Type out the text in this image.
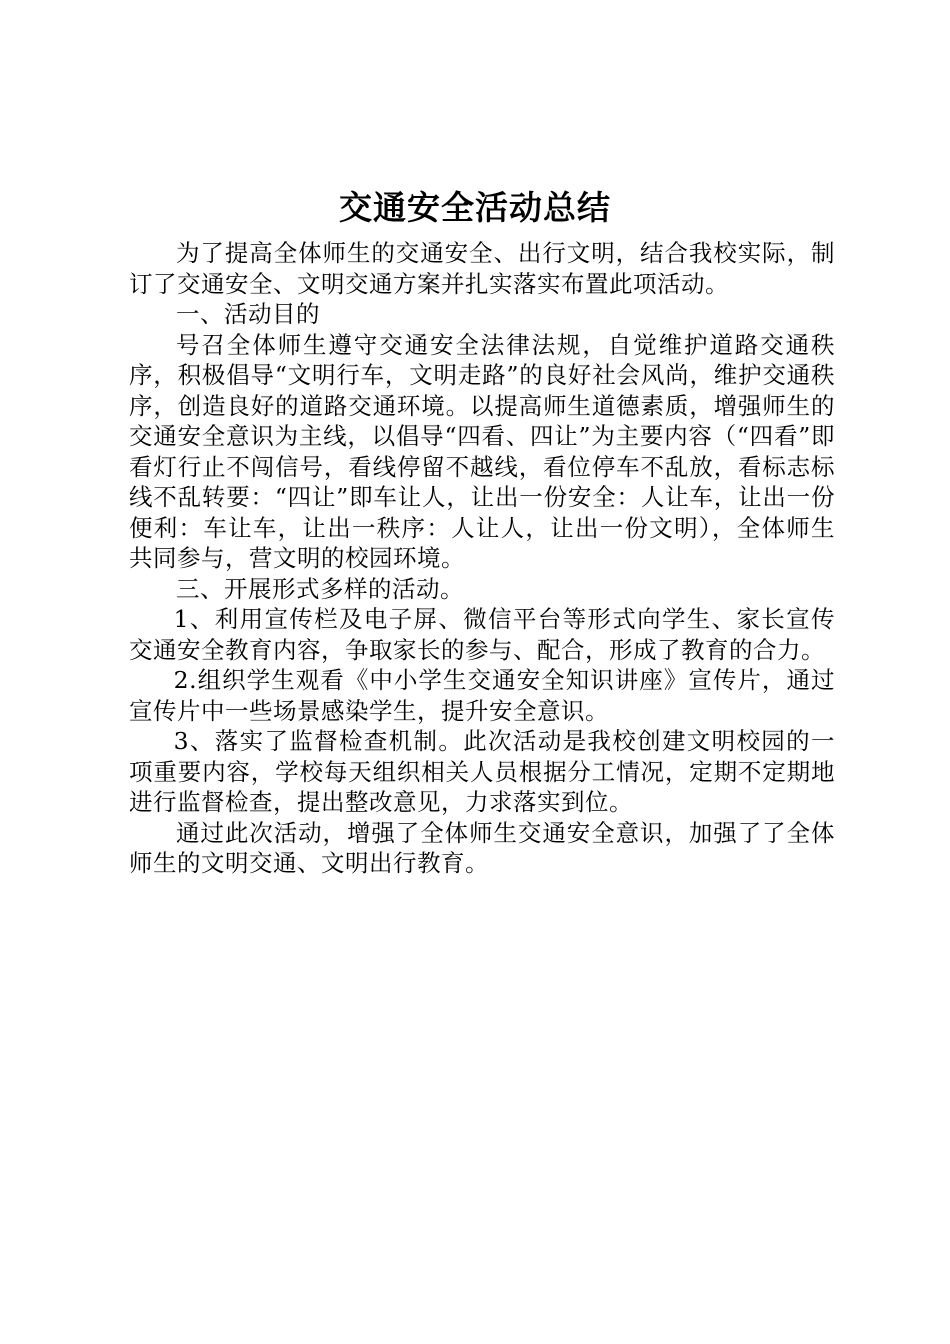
交通安全活动总结

为了提高全体师生的交通安全、出行文明，结合我校实际，制订了交通安全、文明交通方案并扎实落实布置此项活动。

一、活动目的

号召全体师生遵守交通安全法律法规，自觉维护道路交通秩序，积极倡导“文明行车，文明走路”的良好社会风尚，维护交通秩序，创造良好的道路交通环境。以提高师生道德素质，增强师生的交通安全意识为主线，以倡导“四看、四让”为主要内容（“四看”即看灯行止不闯信号，看线停留不越线，看位停车不乱放，看标志标线不乱转要：“四让”即车让人，让出一份安全：人让车，让出一份便利：车让车，让出一秩序：人让人，让出一份文明），全体师生共同参与，营文明的校园环境。

三、开展形式多样的活动。

1、利用宣传栏及电子屏、微信平台等形式向学生、家长宣传交通安全教育内容，争取家长的参与、配合，形成了教育的合力。

2.组织学生观看《中小学生交通安全知识讲座》宣传片，通过宣传片中一些场景感染学生，提升安全意识。

3、落实了监督检查机制。此次活动是我校创建文明校园的一项重要内容，学校每天组织相关人员根据分工情况，定期不定期地进行监督检查，提出整改意见，力求落实到位。

通过此次活动，增强了全体师生交通安全意识，加强了了全体师生的文明交通、文明出行教育。
